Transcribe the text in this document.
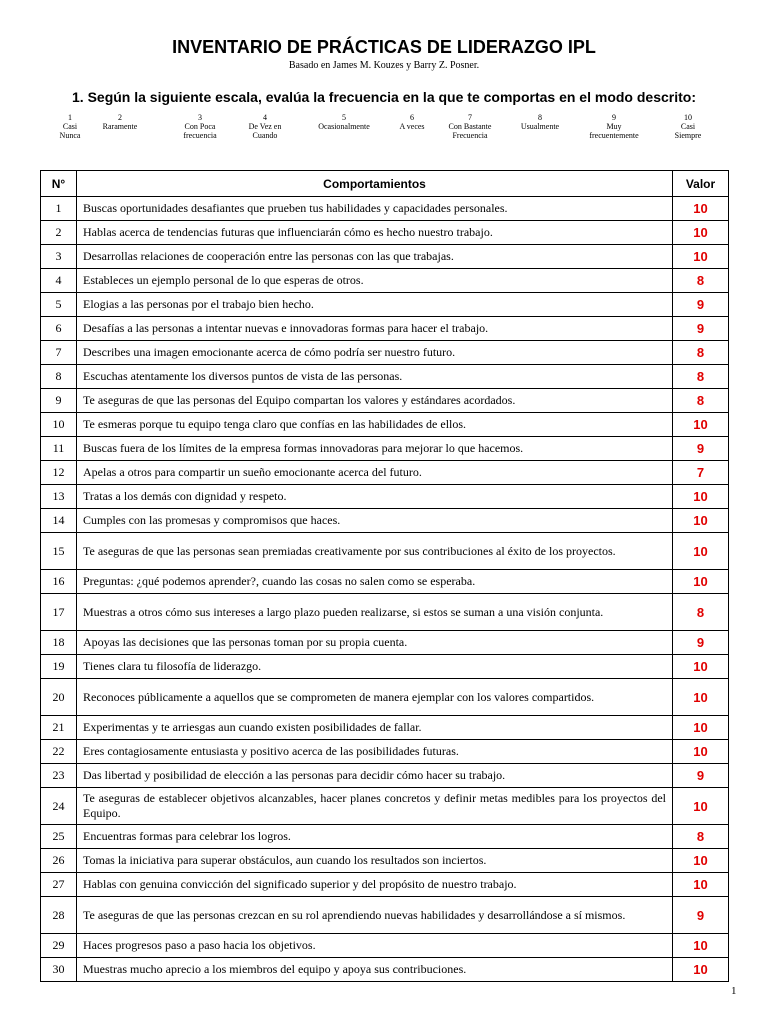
INVENTARIO DE PRÁCTICAS DE LIDERAZGO IPL
Basado en James M. Kouzes y Barry Z. Posner.
1. Según la siguiente escala, evalúa la frecuencia en la que te comportas en el modo descrito:
1
Casi
Nunca
2
Raramente
3
Con Poca
frecuencia
4
De Vez en
Cuando
5
Ocasionalmente
6
A veces
7
Con Bastante
Frecuencia
8
Usualmente
9
Muy
frecuentemente
10
Casi
Siempre
N°	Comportamientos	Valor
1	Buscas oportunidades desafiantes que prueben tus habilidades y capacidades personales.	10
2	Hablas acerca de tendencias futuras que influenciarán cómo es hecho nuestro trabajo.	10
3	Desarrollas relaciones de cooperación entre las personas con las que trabajas.	10
4	Estableces un ejemplo personal de lo que esperas de otros.	8
5	Elogias a las personas por el trabajo bien hecho.	9
6	Desafías a las personas a intentar nuevas e innovadoras formas para hacer el trabajo.	9
7	Describes una imagen emocionante acerca de cómo podría ser nuestro futuro.	8
8	Escuchas atentamente los diversos puntos de vista de las personas.	8
9	Te aseguras de que las personas del Equipo compartan los valores y estándares acordados.	8
10	Te esmeras porque tu equipo tenga claro que confías en las habilidades de ellos.	10
11	Buscas fuera de los límites de la empresa formas innovadoras para mejorar lo que hacemos.	9
12	Apelas a otros para compartir un sueño emocionante acerca del futuro.	7
13	Tratas a los demás con dignidad y respeto.	10
14	Cumples con las promesas y compromisos que haces.	10
15	Te aseguras de que las personas sean premiadas creativamente por sus contribuciones al éxito de los proyectos.	10
16	Preguntas: ¿qué podemos aprender?, cuando las cosas no salen como se esperaba.	10
17	Muestras a otros cómo sus intereses a largo plazo pueden realizarse, si estos se suman a una visión conjunta.	8
18	Apoyas las decisiones que las personas toman por su propia cuenta.	9
19	Tienes clara tu filosofía de liderazgo.	10
20	Reconoces públicamente a aquellos que se comprometen de manera ejemplar con los valores compartidos.	10
21	Experimentas y te arriesgas aun cuando existen posibilidades de fallar.	10
22	Eres contagiosamente entusiasta y positivo acerca de las posibilidades futuras.	10
23	Das libertad y posibilidad de elección a las personas para decidir cómo hacer su trabajo.	9
24	Te aseguras de establecer objetivos alcanzables, hacer planes concretos y definir metas medibles para los proyectos del Equipo.	10
25	Encuentras formas para celebrar los logros.	8
26	Tomas la iniciativa para superar obstáculos, aun cuando los resultados son inciertos.	10
27	Hablas con genuina convicción del significado superior y del propósito de nuestro trabajo.	10
28	Te aseguras de que las personas crezcan en su rol aprendiendo nuevas habilidades y desarrollándose a sí mismos.	9
29	Haces progresos paso a paso hacia los objetivos.	10
30	Muestras mucho aprecio a los miembros del equipo y apoya sus contribuciones.	10
1
